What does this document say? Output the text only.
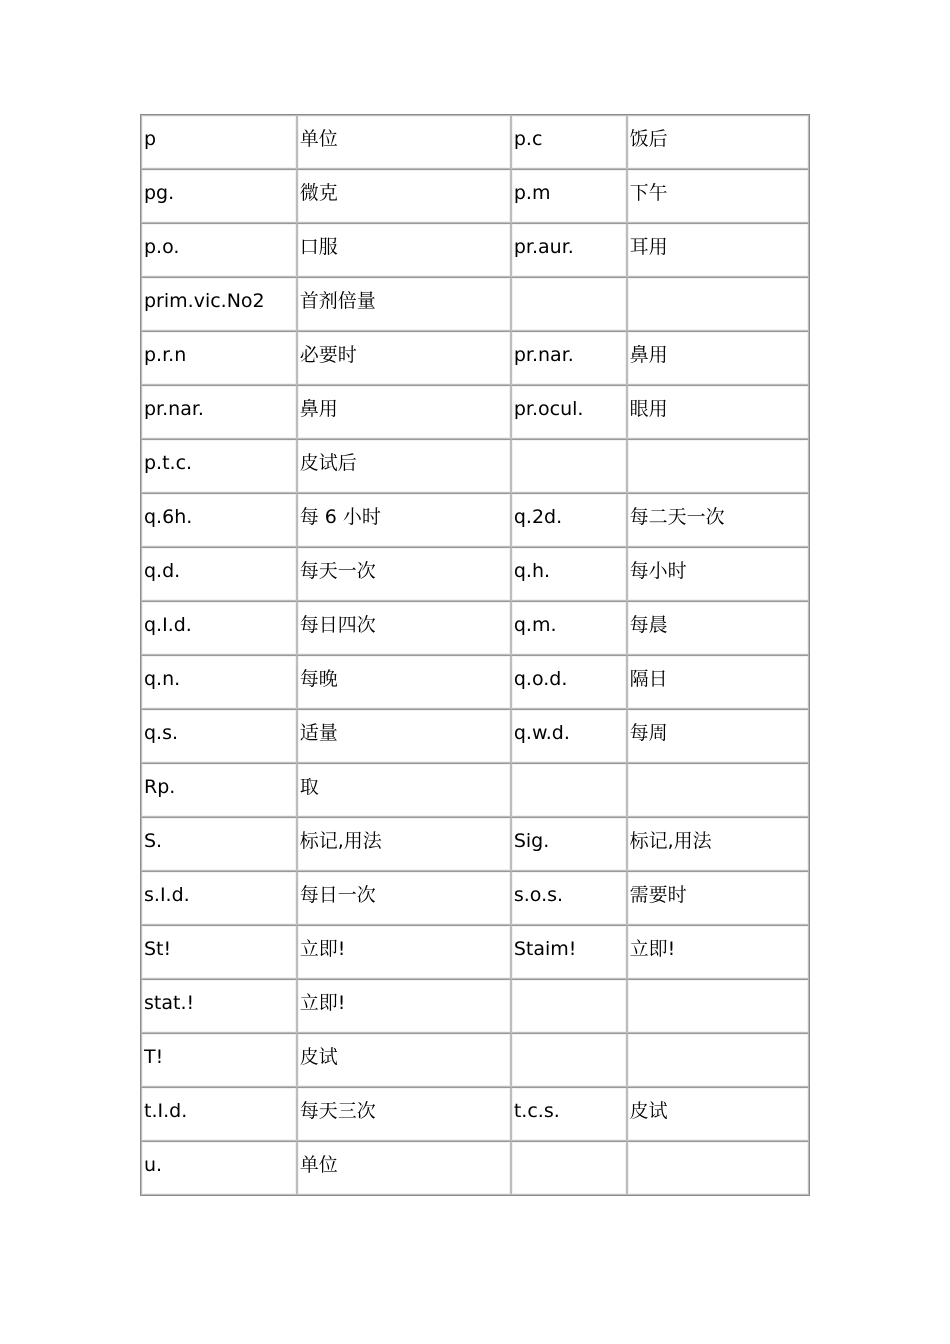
p	单位	p.c	饭后
pg.	微克	p.m	下午
p.o.	口服	pr.aur.	耳用
prim.vic.No2	首剂倍量		
p.r.n	必要时	pr.nar.	鼻用
pr.nar.	鼻用	pr.ocul.	眼用
p.t.c.	皮试后		
q.6h.	每 6 小时	q.2d.	每二天一次
q.d.	每天一次	q.h.	每小时
q.I.d.	每日四次	q.m.	每晨
q.n.	每晚	q.o.d.	隔日
q.s.	适量	q.w.d.	每周
Rp.	取		
S.	标记,用法	Sig.	标记,用法
s.I.d.	每日一次	s.o.s.	需要时
St!	立即!	Staim!	立即!
stat.!	立即!		
T!	皮试		
t.I.d.	每天三次	t.c.s.	皮试
u.	单位		
